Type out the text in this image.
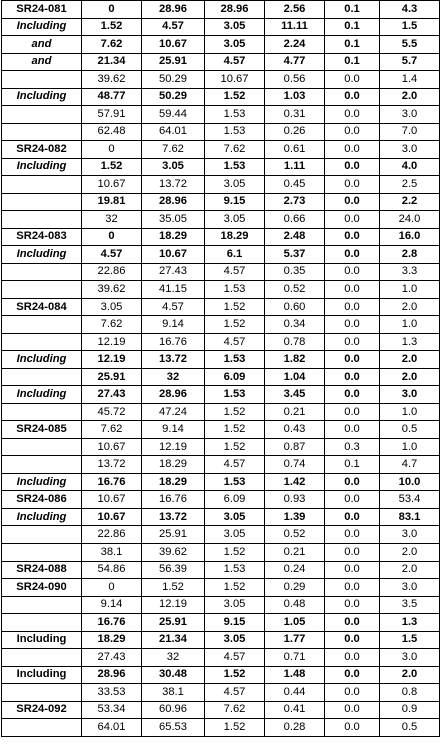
SR24-081	0	28.96	28.96	2.56	0.1	4.3
Including	1.52	4.57	3.05	11.11	0.1	1.5
and	7.62	10.67	3.05	2.24	0.1	5.5
and	21.34	25.91	4.57	4.77	0.1	5.7
	39.62	50.29	10.67	0.56	0.0	1.4
Including	48.77	50.29	1.52	1.03	0.0	2.0
	57.91	59.44	1.53	0.31	0.0	3.0
	62.48	64.01	1.53	0.26	0.0	7.0
SR24-082	0	7.62	7.62	0.61	0.0	3.0
Including	1.52	3.05	1.53	1.11	0.0	4.0
	10.67	13.72	3.05	0.45	0.0	2.5
	19.81	28.96	9.15	2.73	0.0	2.2
	32	35.05	3.05	0.66	0.0	24.0
SR24-083	0	18.29	18.29	2.48	0.0	16.0
Including	4.57	10.67	6.1	5.37	0.0	2.8
	22.86	27.43	4.57	0.35	0.0	3.3
	39.62	41.15	1.53	0.52	0.0	1.0
SR24-084	3.05	4.57	1.52	0.60	0.0	2.0
	7.62	9.14	1.52	0.34	0.0	1.0
	12.19	16.76	4.57	0.78	0.0	1.3
Including	12.19	13.72	1.53	1.82	0.0	2.0
	25.91	32	6.09	1.04	0.0	2.0
Including	27.43	28.96	1.53	3.45	0.0	3.0
	45.72	47.24	1.52	0.21	0.0	1.0
SR24-085	7.62	9.14	1.52	0.43	0.0	0.5
	10.67	12.19	1.52	0.87	0.3	1.0
	13.72	18.29	4.57	0.74	0.1	4.7
Including	16.76	18.29	1.53	1.42	0.0	10.0
SR24-086	10.67	16.76	6.09	0.93	0.0	53.4
Including	10.67	13.72	3.05	1.39	0.0	83.1
	22.86	25.91	3.05	0.52	0.0	3.0
	38.1	39.62	1.52	0.21	0.0	2.0
SR24-088	54.86	56.39	1.53	0.24	0.0	2.0
SR24-090	0	1.52	1.52	0.29	0.0	3.0
	9.14	12.19	3.05	0.48	0.0	3.5
	16.76	25.91	9.15	1.05	0.0	1.3
Including	18.29	21.34	3.05	1.77	0.0	1.5
	27.43	32	4.57	0.71	0.0	3.0
Including	28.96	30.48	1.52	1.48	0.0	2.0
	33.53	38.1	4.57	0.44	0.0	0.8
SR24-092	53.34	60.96	7.62	0.41	0.0	0.9
	64.01	65.53	1.52	0.28	0.0	0.5
